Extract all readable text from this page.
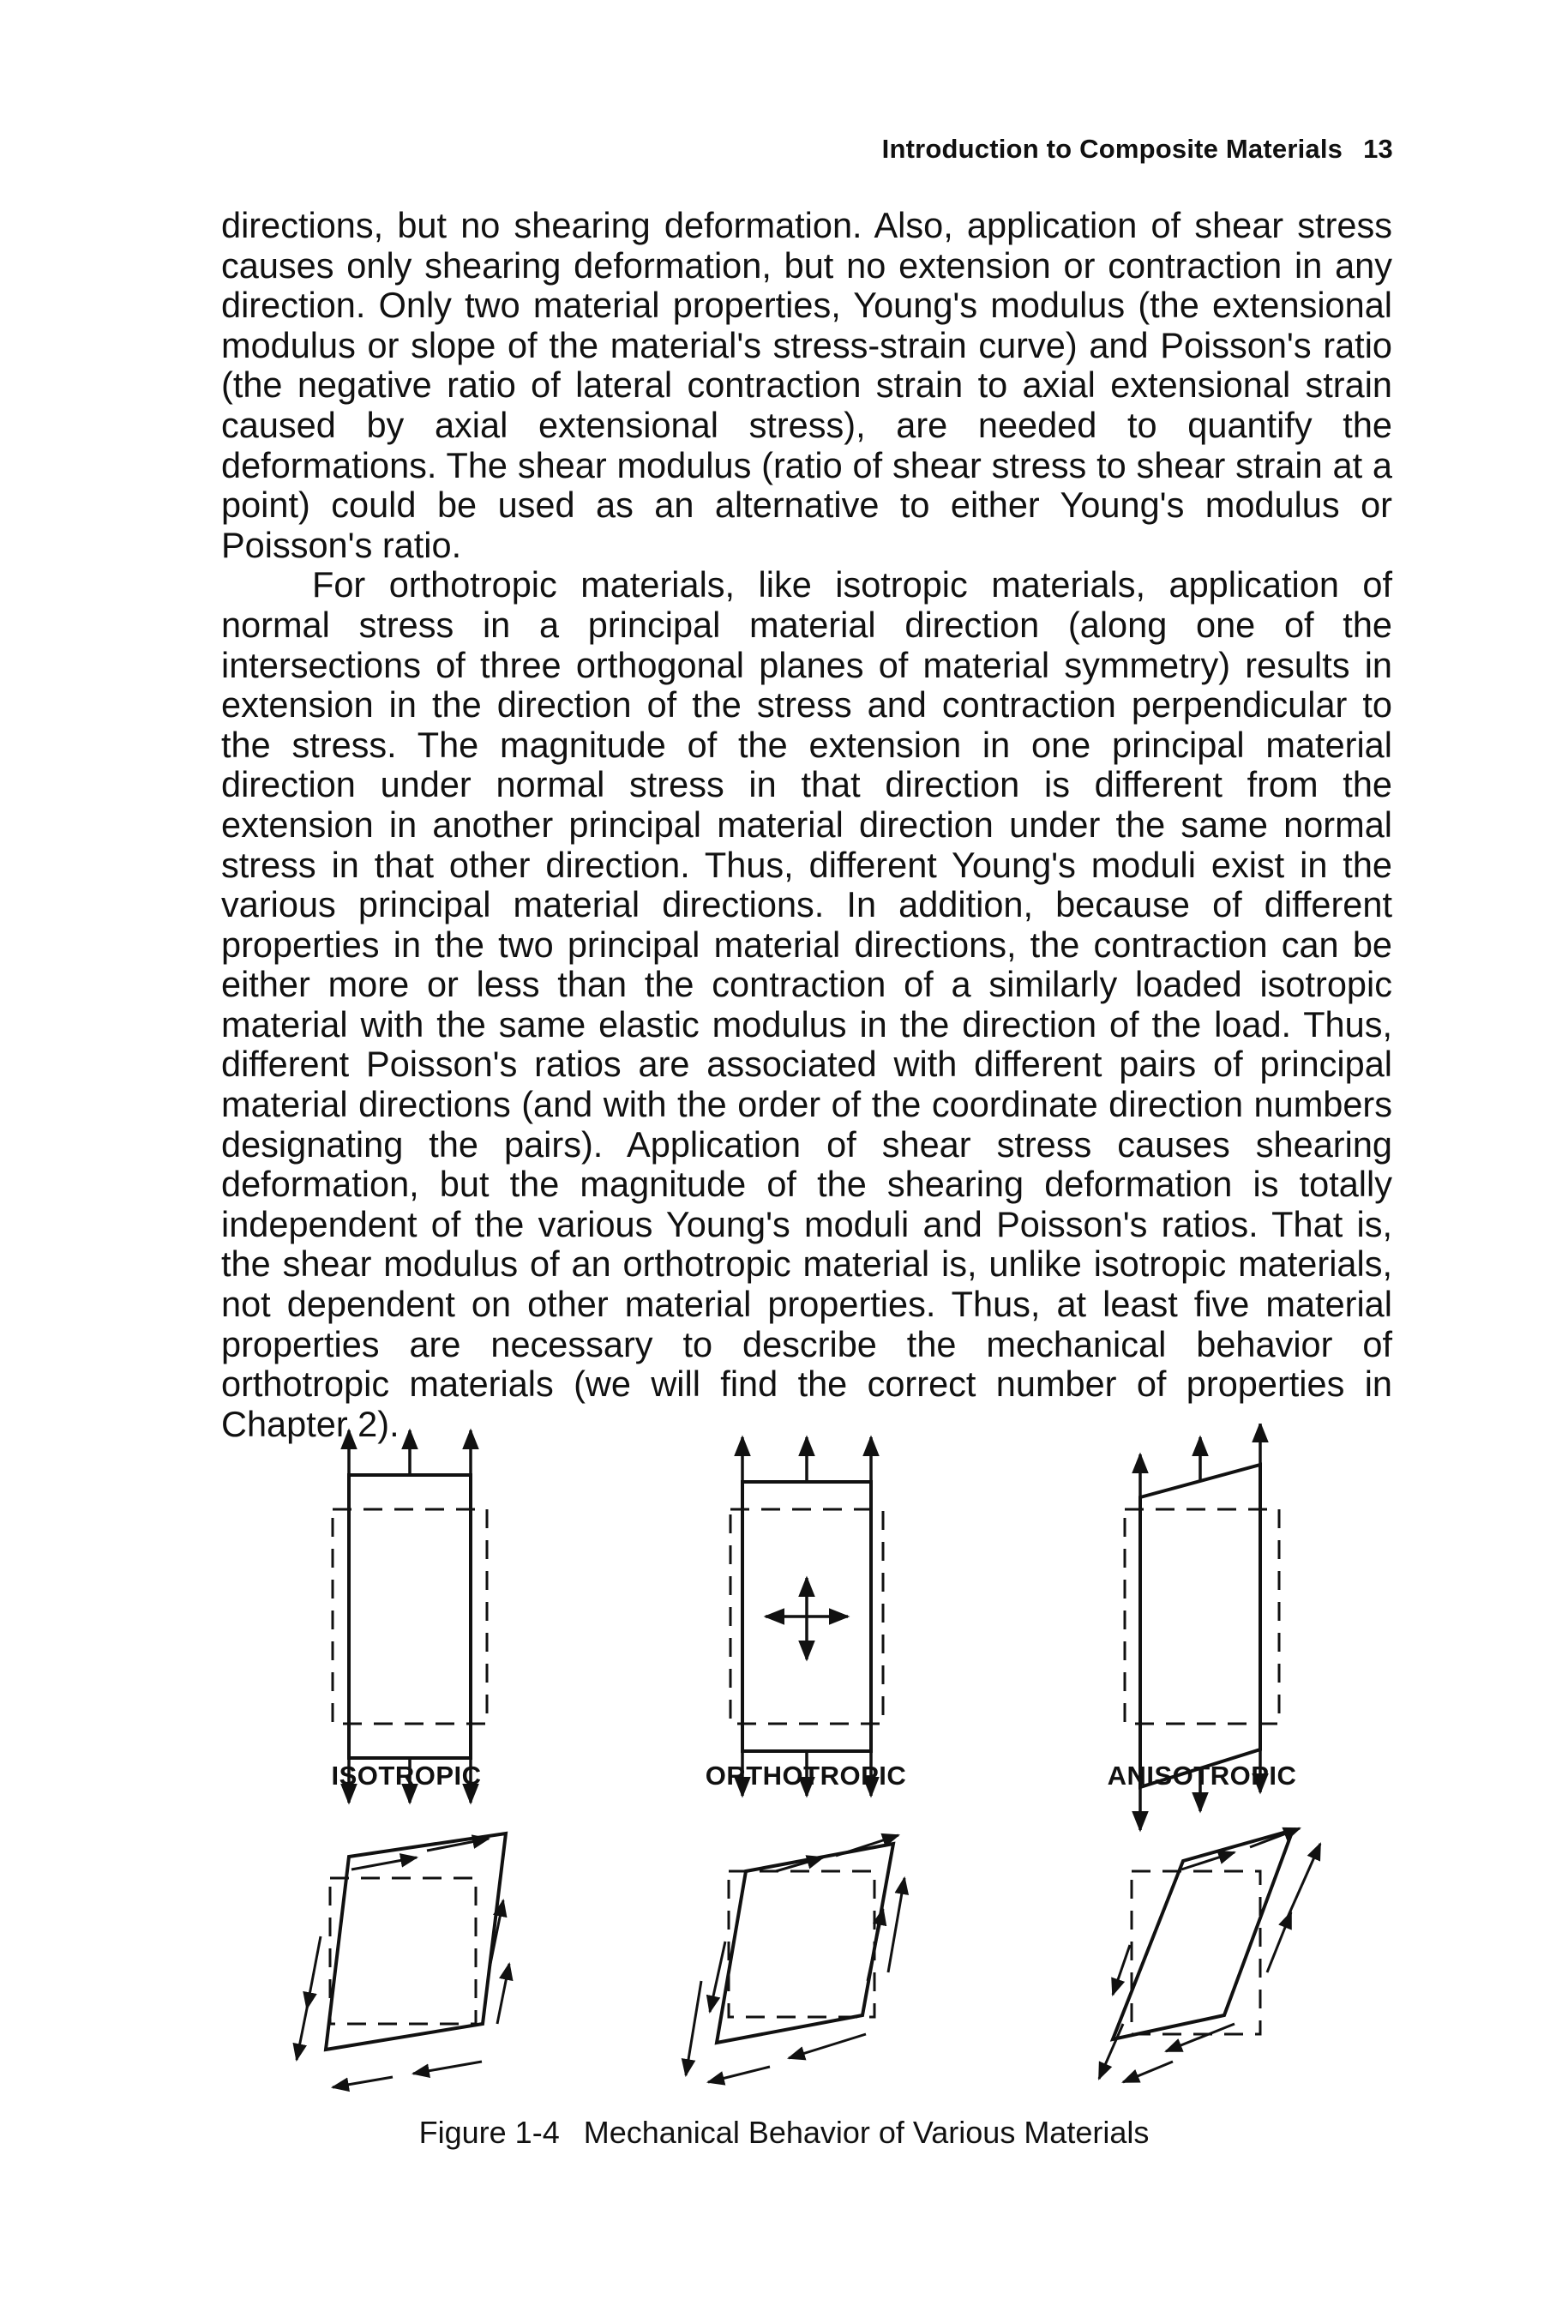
Introduction to Composite Materials 13

directions, but no shearing deformation. Also, application of shear stress causes only shearing deformation, but no extension or contraction in any direction. Only two material properties, Young's modulus (the extensional modulus or slope of the material's stress-strain curve) and Poisson's ratio (the negative ratio of lateral contraction strain to axial extensional strain caused by axial extensional stress), are needed to quantify the deformations. The shear modulus (ratio of shear stress to shear strain at a point) could be used as an alternative to either Young's modulus or Poisson's ratio.

For orthotropic materials, like isotropic materials, application of normal stress in a principal material direction (along one of the intersections of three orthogonal planes of material symmetry) results in extension in the direction of the stress and contraction perpendicular to the stress. The magnitude of the extension in one principal material direction under normal stress in that direction is different from the extension in another principal material direction under the same normal stress in that other direction. Thus, different Young's moduli exist in the various principal material directions. In addition, because of different properties in the two principal material directions, the contraction can be either more or less than the contraction of a similarly loaded isotropic material with the same elastic modulus in the direction of the load. Thus, different Poisson's ratios are associated with different pairs of principal material directions (and with the order of the coordinate direction numbers designating the pairs). Application of shear stress causes shearing deformation, but the magnitude of the shearing deformation is totally independent of the various Young's moduli and Poisson's ratios. That is, the shear modulus of an orthotropic material is, unlike isotropic materials, not dependent on other material properties. Thus, at least five material properties are necessary to describe the mechanical behavior of orthotropic materials (we will find the correct number of properties in Chapter 2).

ISOTROPIC	ORTHOTROPIC	ANISOTROPIC
Figure 1-4 Mechanical Behavior of Various Materials
